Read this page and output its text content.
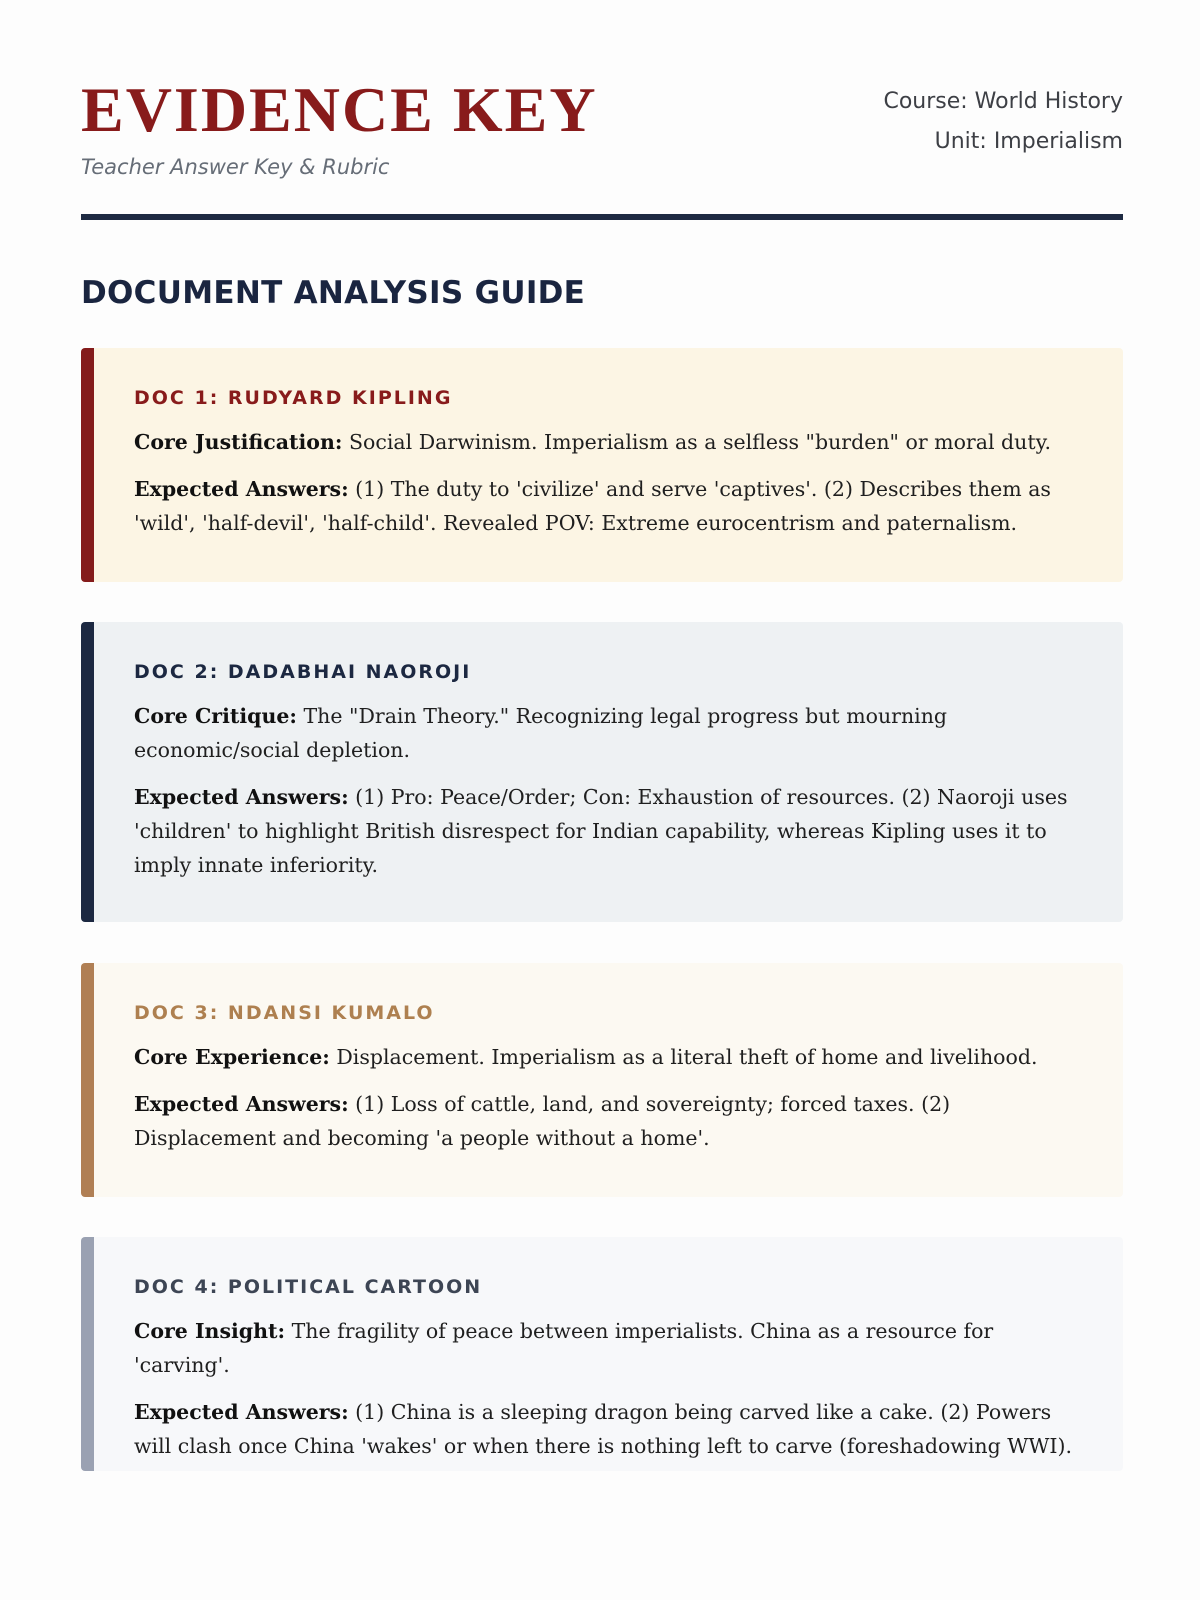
EVIDENCE KEY
Teacher Answer Key & Rubric
Course: World History
Unit: Imperialism
DOCUMENT ANALYSIS GUIDE
DOC 1: RUDYARD KIPLING

Core Justification: Social Darwinism. Imperialism as a selfless "burden" or moral duty.

Expected Answers: (1) The duty to 'civilize' and serve 'captives'. (2) Describes them as 'wild', 'half-devil', 'half-child'. Revealed POV: Extreme eurocentrism and paternalism.

DOC 2: DADABHAI NAOROJI

Core Critique: The "Drain Theory." Recognizing legal progress but mourning economic/social depletion.

Expected Answers: (1) Pro: Peace/Order; Con: Exhaustion of resources. (2) Naoroji uses 'children' to highlight British disrespect for Indian capability, whereas Kipling uses it to imply innate inferiority.

DOC 3: NDANSI KUMALO

Core Experience: Displacement. Imperialism as a literal theft of home and livelihood.

Expected Answers: (1) Loss of cattle, land, and sovereignty; forced taxes. (2) Displacement and becoming 'a people without a home'.

DOC 4: POLITICAL CARTOON

Core Insight: The fragility of peace between imperialists. China as a resource for 'carving'.

Expected Answers: (1) China is a sleeping dragon being carved like a cake. (2) Powers will clash once China 'wakes' or when there is nothing left to carve (foreshadowing WWI).
